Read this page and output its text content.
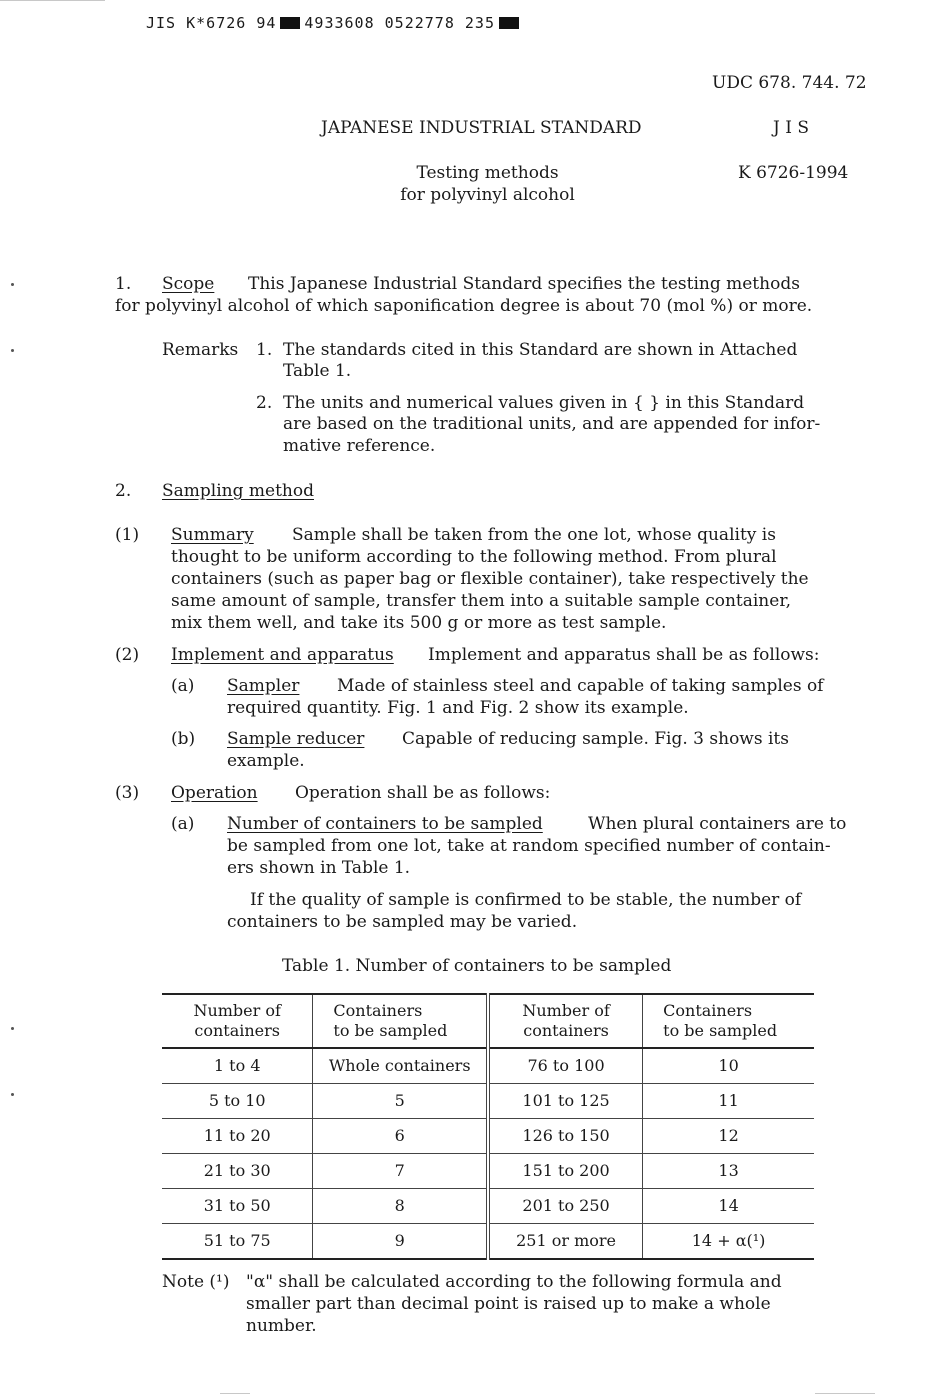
JIS K*6726 94 4933608 0522778 235
UDC 678. 744. 72
JAPANESE INDUSTRIAL STANDARD	J I S
Testing methods
for polyvinyl alcohol
K 6726-1994
1. Scope This Japanese Industrial Standard specifies the testing methods
for polyvinyl alcohol of which saponification degree is about 70 (mol %) or more.
Remarks 1. The standards cited in this Standard are shown in Attached
Table 1.
2. The units and numerical values given in { } in this Standard
are based on the traditional units, and are appended for infor-
mative reference.
2. Sampling method
(1) Summary Sample shall be taken from the one lot, whose quality is
thought to be uniform according to the following method. From plural
containers (such as paper bag or flexible container), take respectively the
same amount of sample, transfer them into a suitable sample container,
mix them well, and take its 500 g or more as test sample.
(2) Implement and apparatus Implement and apparatus shall be as follows:
(a) Sampler Made of stainless steel and capable of taking samples of
required quantity. Fig. 1 and Fig. 2 show its example.
(b) Sample reducer Capable of reducing sample. Fig. 3 shows its
example.
(3) Operation Operation shall be as follows:
(a) Number of containers to be sampled	When plural containers are to
be sampled from one lot, take at random specified number of contain-
ers shown in Table 1.
If the quality of sample is confirmed to be stable, the number of
containers to be sampled may be varied.
Table 1. Number of containers to be sampled
Number of
containers	Containers
to be sampled	Number of
containers	Containers
to be sampled
1 to 4	Whole containers	76 to 100	10
5 to 10	5	101 to 125	11
11 to 20	6	126 to 150	12
21 to 30	7	151 to 200	13
31 to 50	8	201 to 250	14
51 to 75	9	251 or more	14 + α(¹)
Note (¹) "α" shall be calculated according to the following formula and
smaller part than decimal point is raised up to make a whole
number.
